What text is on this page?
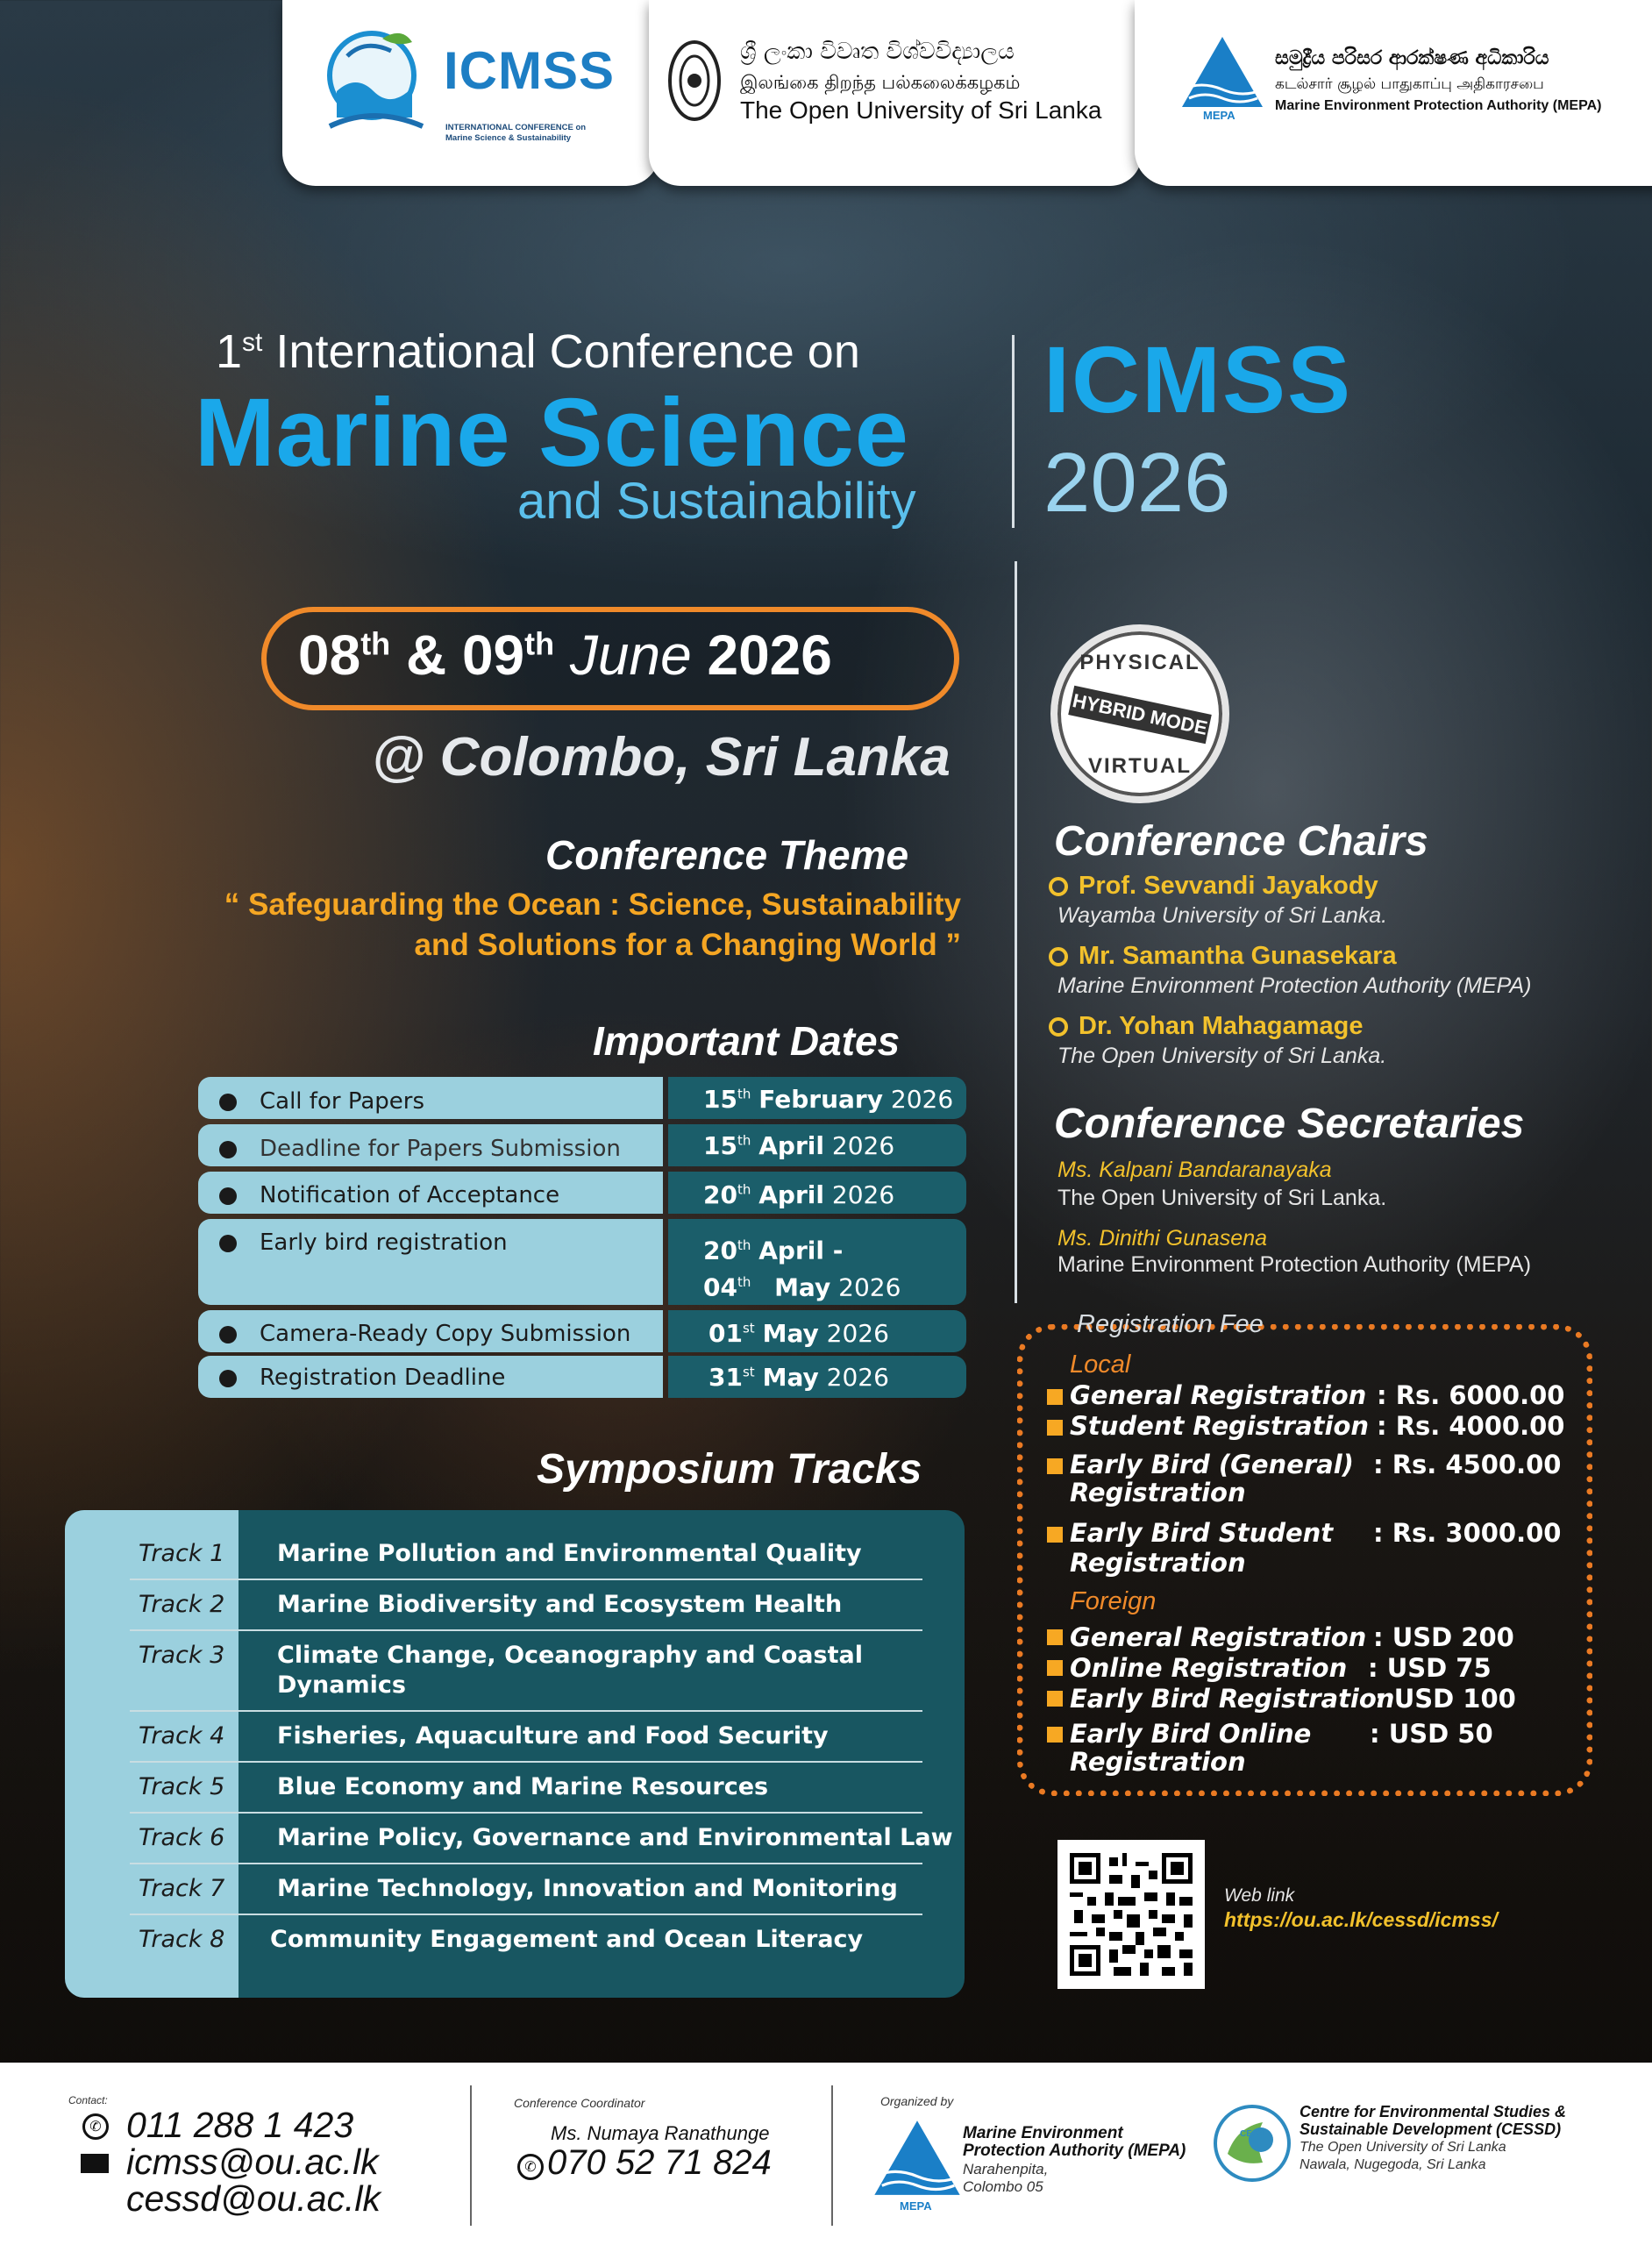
ICMSS
INTERNATIONAL CONFERENCE on Marine Science & Sustainability
ශ්‍රී ලංකා විවෘත විශ්වවිද්‍යාලය
இலங்கை திறந்த பல்கலைக்கழகம்
The Open University of Sri Lanka	MEPA
සමුද්‍රීය පරිසර ආරක්ෂණ අධිකාරිය
கடல்சார் சூழல் பாதுகாப்பு அதிகாரசபை
Marine Environment Protection Authority (MEPA)
1st International Conference on
Marine Science
and Sustainability
ICMSS
2026
08th & 09th June 2026
@ Colombo, Sri Lanka
PHYSICAL
HYBRID MODE
VIRTUAL
Conference Theme
“ Safeguarding the Ocean : Science, Sustainability
and Solutions for a Changing World ”
Important Dates
Call for Papers	15th February 2026
Deadline for Papers Submission	15th April 2026
Notification of Acceptance	20th April 2026
Early bird registration	20th April -
04th May 2026
Camera-Ready Copy Submission	01st May 2026
Registration Deadline	31st May 2026
Symposium Tracks
Track 1	Marine Pollution and Environmental Quality
Track 2	Marine Biodiversity and Ecosystem Health
Track 3	Climate Change, Oceanography and Coastal
Dynamics
Track 4	Fisheries, Aquaculture and Food Security
Track 5	Blue Economy and Marine Resources
Track 6	Marine Policy, Governance and Environmental Law
Track 7	Marine Technology, Innovation and Monitoring
Track 8	Community Engagement and Ocean Literacy
Conference Chairs
Prof. Sevvandi Jayakody
Wayamba University of Sri Lanka.
Mr. Samantha Gunasekara
Marine Environment Protection Authority (MEPA)
Dr. Yohan Mahagamage
The Open University of Sri Lanka.
Conference Secretaries
Ms. Kalpani Bandaranayaka
The Open University of Sri Lanka.
Ms. Dinithi Gunasena
Marine Environment Protection Authority (MEPA)
Registration Fee
Local
General Registration : Rs. 6000.00
Student Registration : Rs. 4000.00
Early Bird (General)
Registration
: Rs. 4500.00
Early Bird Student
Registration
: Rs. 3000.00
Foreign
General Registration : USD 200
Online Registration : USD 75
Early Bird Registration
: USD 100
Early Bird Online
Registration
: USD 50
Web link
https://ou.ac.lk/cessd/icmss/
Contact:
✆ 011 288 1 423
icmss@ou.ac.lk
cessd@ou.ac.lk
Conference Coordinator
Ms. Numaya Ranathunge
✆ 070 52 71 824
Organized by
MEPA
Marine Environment
Protection Authority (MEPA)
Narahenpita,
Colombo 05
CESSD
Centre for Environmental Studies &
Sustainable Development (CESSD)
The Open University of Sri Lanka
Nawala, Nugegoda, Sri Lanka
